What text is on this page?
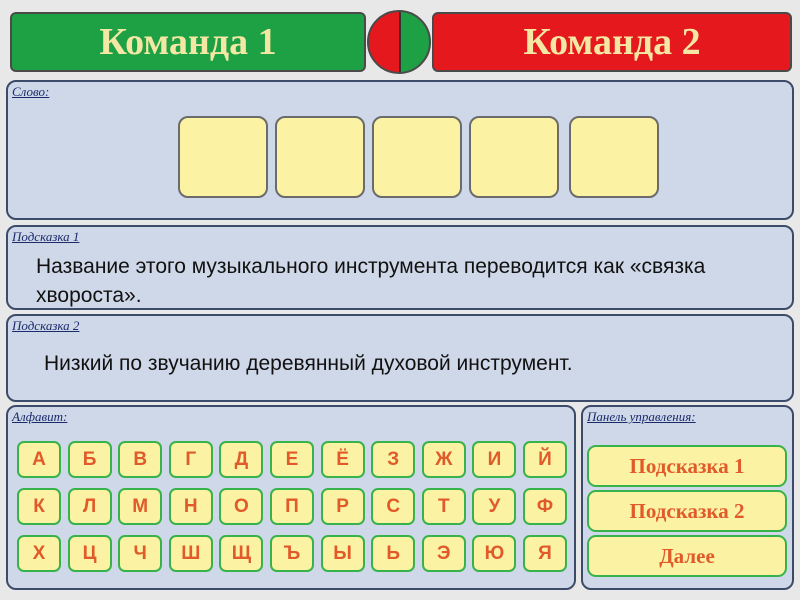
Команда 1	Команда 2
Слово:
Подсказка 1
Название этого музыкального инструмента переводится как «связка хвороста».
Подсказка 2
Низкий по звучанию деревянный духовой инструмент.
Алфавит:
А	Б	В	Г	Д	Е	Ё	З	Ж	И	Й
К	Л	М	Н	О	П	Р	С	Т	У	Ф
Х	Ц	Ч	Ш	Щ	Ъ	Ы	Ь	Э	Ю	Я
Панель управления:
Подсказка 1
Подсказка 2
Далее
